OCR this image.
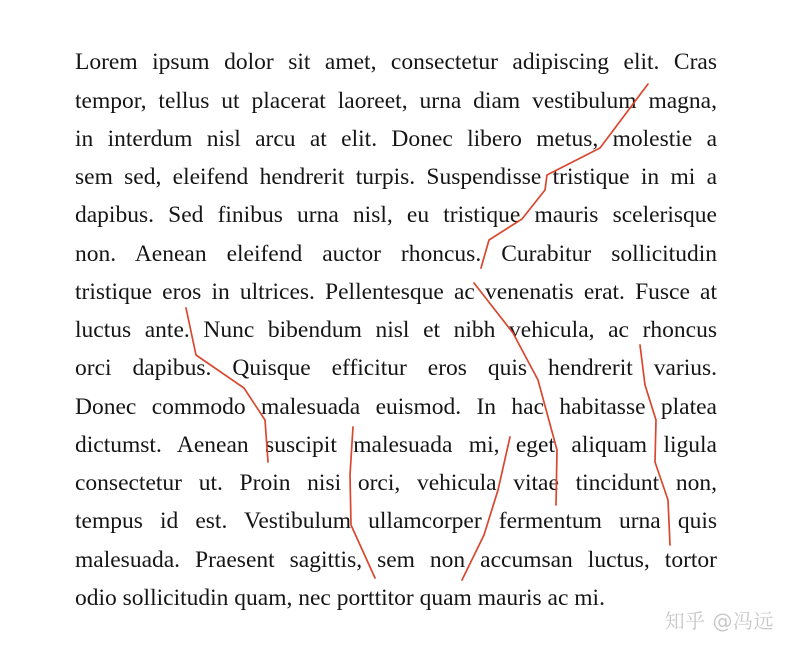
Lorem ipsum dolor sit amet, consectetur adipiscing elit. Cras
tempor, tellus ut placerat laoreet, urna diam vestibulum magna,
in interdum nisl arcu at elit. Donec libero metus, molestie a
sem sed, eleifend hendrerit turpis. Suspendisse tristique in mi a
dapibus. Sed finibus urna nisl, eu tristique mauris scelerisque
non. Aenean eleifend auctor rhoncus. Curabitur sollicitudin
tristique eros in ultrices. Pellentesque ac venenatis erat. Fusce at
luctus ante. Nunc bibendum nisl et nibh vehicula, ac rhoncus
orci dapibus. Quisque efficitur eros quis hendrerit varius.
Donec commodo malesuada euismod. In hac habitasse platea
dictumst. Aenean suscipit malesuada mi, eget aliquam ligula
consectetur ut. Proin nisi orci, vehicula vitae tincidunt non,
tempus id est. Vestibulum ullamcorper fermentum urna quis
malesuada. Praesent sagittis, sem non accumsan luctus, tortor
odio sollicitudin quam, nec porttitor quam mauris ac mi.
知乎 @冯远
